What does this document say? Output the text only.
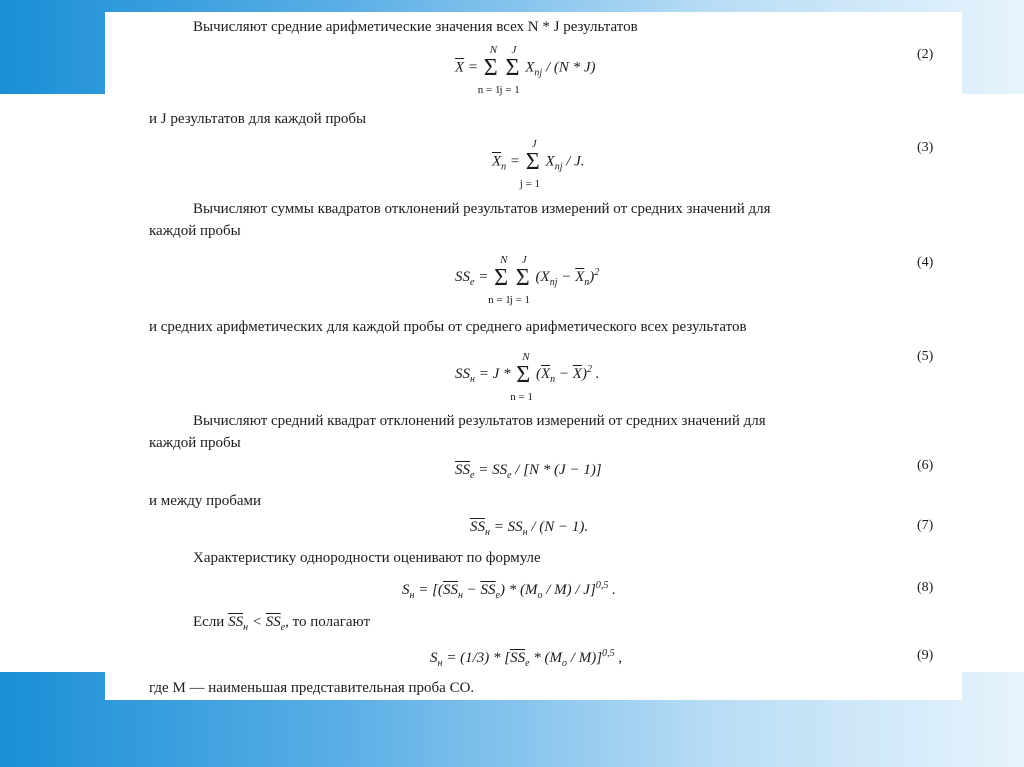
Вычисляют средние арифметические значения всех N * J результатов
$\overline{X} = \Sigma$
N
n = 1
Σ
J
j = 1
$X_{nj} / (N * J)$
(2)
и J результатов для каждой пробы
$\overline{X}_n = \Sigma$
J
j = 1
$X_{nj}$ / J.
(3)
Вычисляют суммы квадратов отклонений результатов измерений от средних значений для
каждой пробы
$SS_e = \Sigma$
N
n = 1
Σ
J
j = 1
$(X_{nj} - \overline{X}_n)^2$
(4)
и средних арифметических для каждой пробы от среднего арифметического всех результатов
$SS_н = J * \Sigma$
N
n = 1
$(\overline{X}_n - \overline{X})^2$ .
(5)
Вычисляют средний квадрат отклонений результатов измерений от средних значений для
каждой пробы
$\overline{SS}_e = SS_e / [N * (J - 1)]$	(6)
и между пробами
$\overline{SS}_н = SS_н / (N - 1)$.	(7)
Характеристику однородности оценивают по формуле
$S_н = [(\overline{SS}_н - \overline{SS}_e) * (M_o / M) / J]^{0,5}$ .	(8)
Если $\overline{SS}_н < \overline{SS}_e$, то полагают
$S_н = (1/3) * [\overline{SS}_e * (M_o / M)]^{0,5}$ ,	(9)
где M — наименьшая представительная проба СО.
